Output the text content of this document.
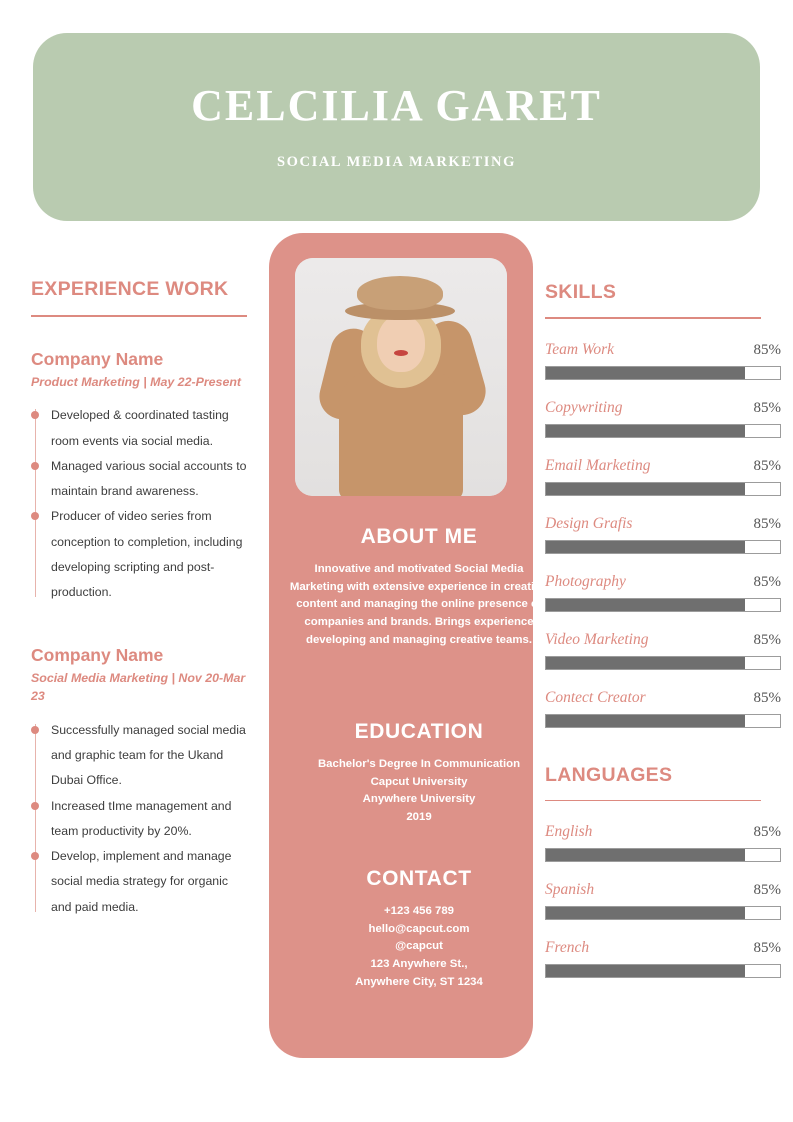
CELCILIA GARET
SOCIAL MEDIA MARKETING
EXPERIENCE WORK
Company Name
Product Marketing | May 22-Present
Developed & coordinated tasting room events via social media.
Managed various social accounts to maintain brand awareness.
Producer of video series from conception to completion, including developing scripting and post-production.
Company Name
Social Media Marketing | Nov 20-Mar 23
Successfully managed social media and graphic team for the Ukand Dubai Office.
Increased tIme management and team productivity by 20%.
Develop, implement and manage social media strategy for organic and paid media.
ABOUT ME

Innovative and motivated Social Media Marketing with extensive experience in creating content and managing the online presence of companies and brands. Brings experience developing and managing creative teams.

EDUCATION

Bachelor's Degree In Communication

Capcut University

Anywhere University

2019

CONTACT

+123 456 789

hello@capcut.com

@capcut

123 Anywhere St.,

Anywhere City, ST 1234

SKILLS
Team Work	85%
Copywriting	85%
Email Marketing	85%
Design Grafis	85%
Photography	85%
Video Marketing	85%
Contect Creator	85%
LANGUAGES
English	85%
Spanish	85%
French	85%
